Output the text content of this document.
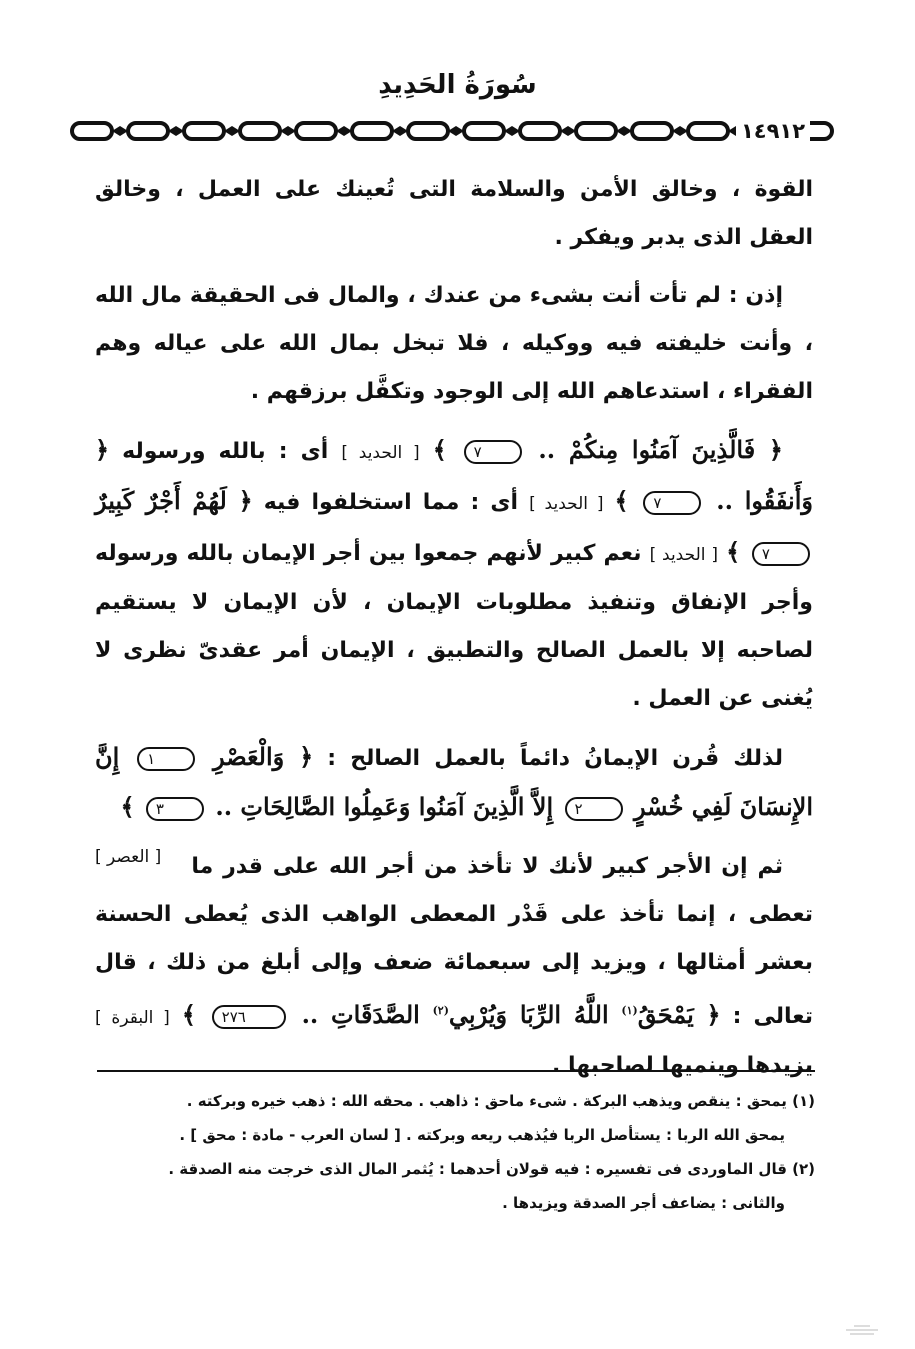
سُورَةُ الحَدِيدِ
١٤٩١٢

القوة ، وخالق الأمن والسلامة التى تُعينك على العمل ، وخالق العقل الذى يدبر ويفكر .

إذن : لم تأت أنت بشىء من عندك ، والمال فى الحقيقة مال الله ، وأنت خليفته فيه ووكيله ، فلا تبخل بمال الله على عياله وهم الفقراء ، استدعاهم الله إلى الوجود وتكفَّل برزقهم .

﴿ فَالَّذِينَ آمَنُوا مِنكُمْ .. ٧ ﴾ [ الحديد ] أى : بالله ورسوله ﴿ وَأَنفَقُوا .. ٧ ﴾ [ الحديد ] أى : مما استخلفوا فيه ﴿ لَهُمْ أَجْرٌ كَبِيرٌ ٧ ﴾ [ الحديد ] نعم كبير لأنهم جمعوا بين أجر الإيمان بالله ورسوله وأجر الإنفاق وتنفيذ مطلوبات الإيمان ، لأن الإيمان لا يستقيم لصاحبه إلا بالعمل الصالح والتطبيق ، الإيمان أمر عقدىّ نظرى لا يُغنى عن العمل .

لذلك قُرن الإيمانُ دائماً بالعمل الصالح : ﴿ وَالْعَصْرِ ١ إِنَّ الإِنسَانَ لَفِي خُسْرٍ ٢ إِلاَّ الَّذِينَ آمَنُوا وَعَمِلُوا الصَّالِحَاتِ .. ٣ ﴾
[ العصر ]	ثم إن الأجر كبير لأنك لا تأخذ من أجر الله على قدر ما تعطى ، إنما تأخذ على قَدْر المعطى الواهب الذى يُعطى الحسنة بعشر أمثالها ، ويزيد إلى سبعمائة ضعف وإلى أبلغ من ذلك ، قال تعالى : ﴿ يَمْحَقُ$^{(١)}$ اللَّهُ الرِّبَا وَيُرْبِي$^{(٢)}$ الصَّدَقَاتِ .. ٢٧٦ ﴾ [ البقرة ] يزيدها وينميها لصاحبها .

(١) يمحق : ينقص ويذهب البركة . شىء ماحق : ذاهب . محقه الله : ذهب خيره وبركته .
يمحق الله الربا : يستأصل الربا فيُذهب ريعه وبركته . [ لسان العرب - مادة : محق ] .
(٢) قال الماوردى فى تفسيره : فيه قولان أحدهما : يُثمر المال الذى خرجت منه الصدقة .
والثانى : يضاعف أجر الصدقة ويزيدها .
